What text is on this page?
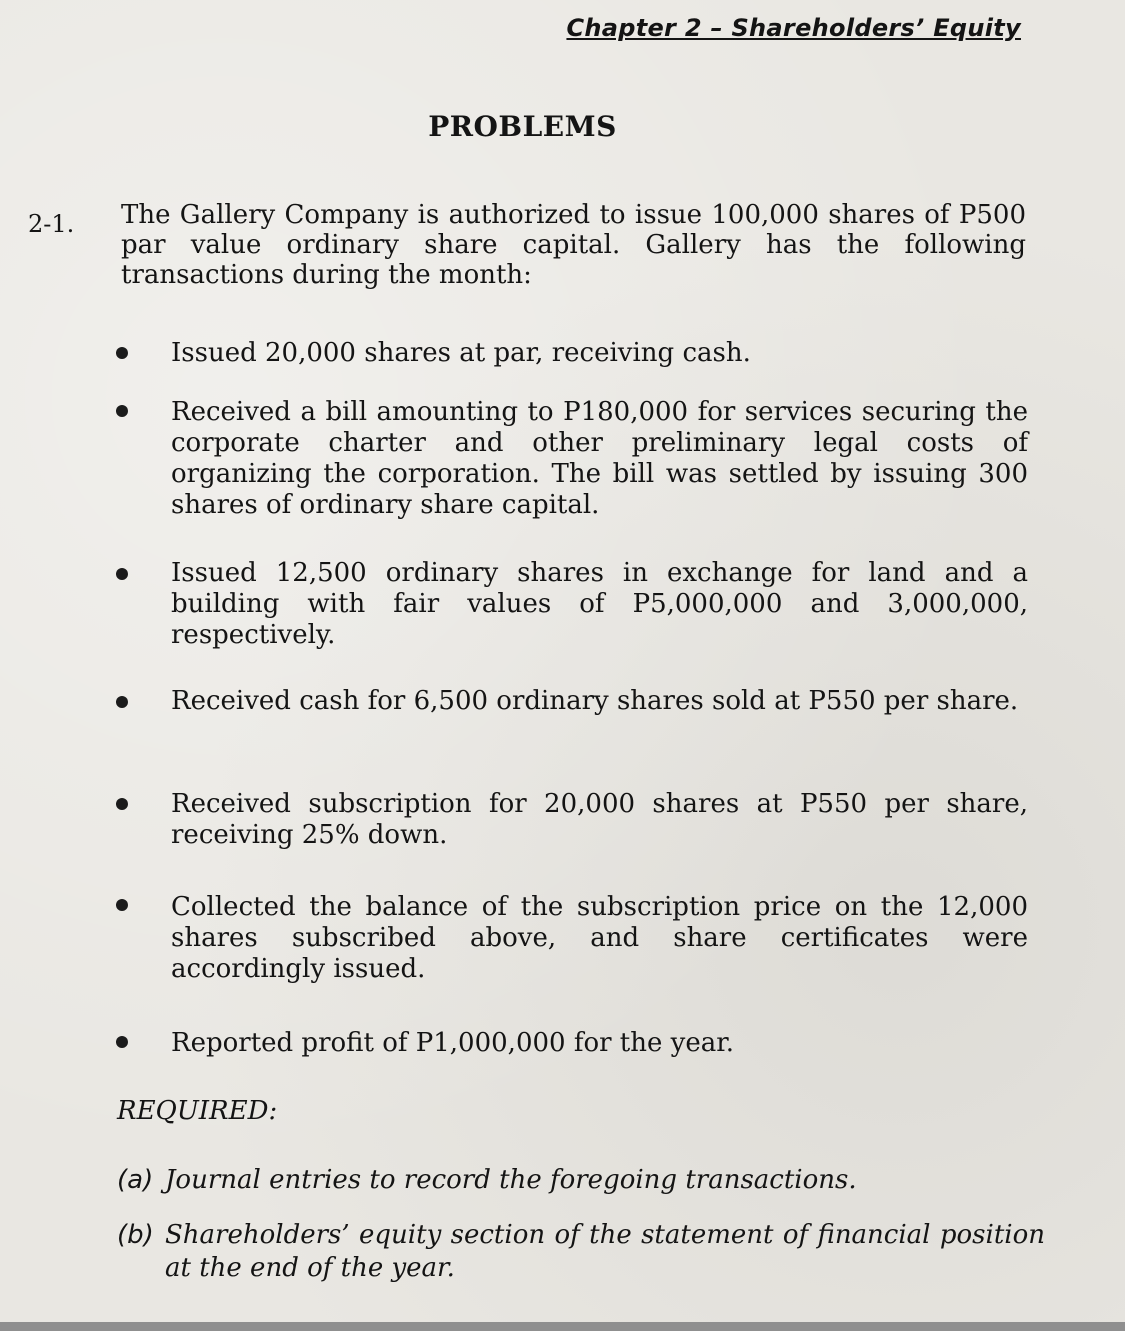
Chapter 2 – Shareholders’ Equity
PROBLEMS
2-1. The Gallery Company is authorized to issue 100,000 shares of P500 par value ordinary share capital. Gallery has the following transactions during the month:

Issued 20,000 shares at par, receiving cash.

Received a bill amounting to P180,000 for services securing the corporate charter and other preliminary legal costs of organizing the corporation. The bill was settled by issuing 300 shares of ordinary share capital.

Issued 12,500 ordinary shares in exchange for land and a building with fair values of P5,000,000 and 3,000,000, respectively.

Received cash for 6,500 ordinary shares sold at P550 per share.

Received subscription for 20,000 shares at P550 per share, receiving 25% down.

Collected the balance of the subscription price on the 12,000 shares subscribed above, and share certificates were accordingly issued.

Reported profit of P1,000,000 for the year.

REQUIRED:

(a) Journal entries to record the foregoing transactions.
(b) Shareholders’ equity section of the statement of financial position at the end of the year.
